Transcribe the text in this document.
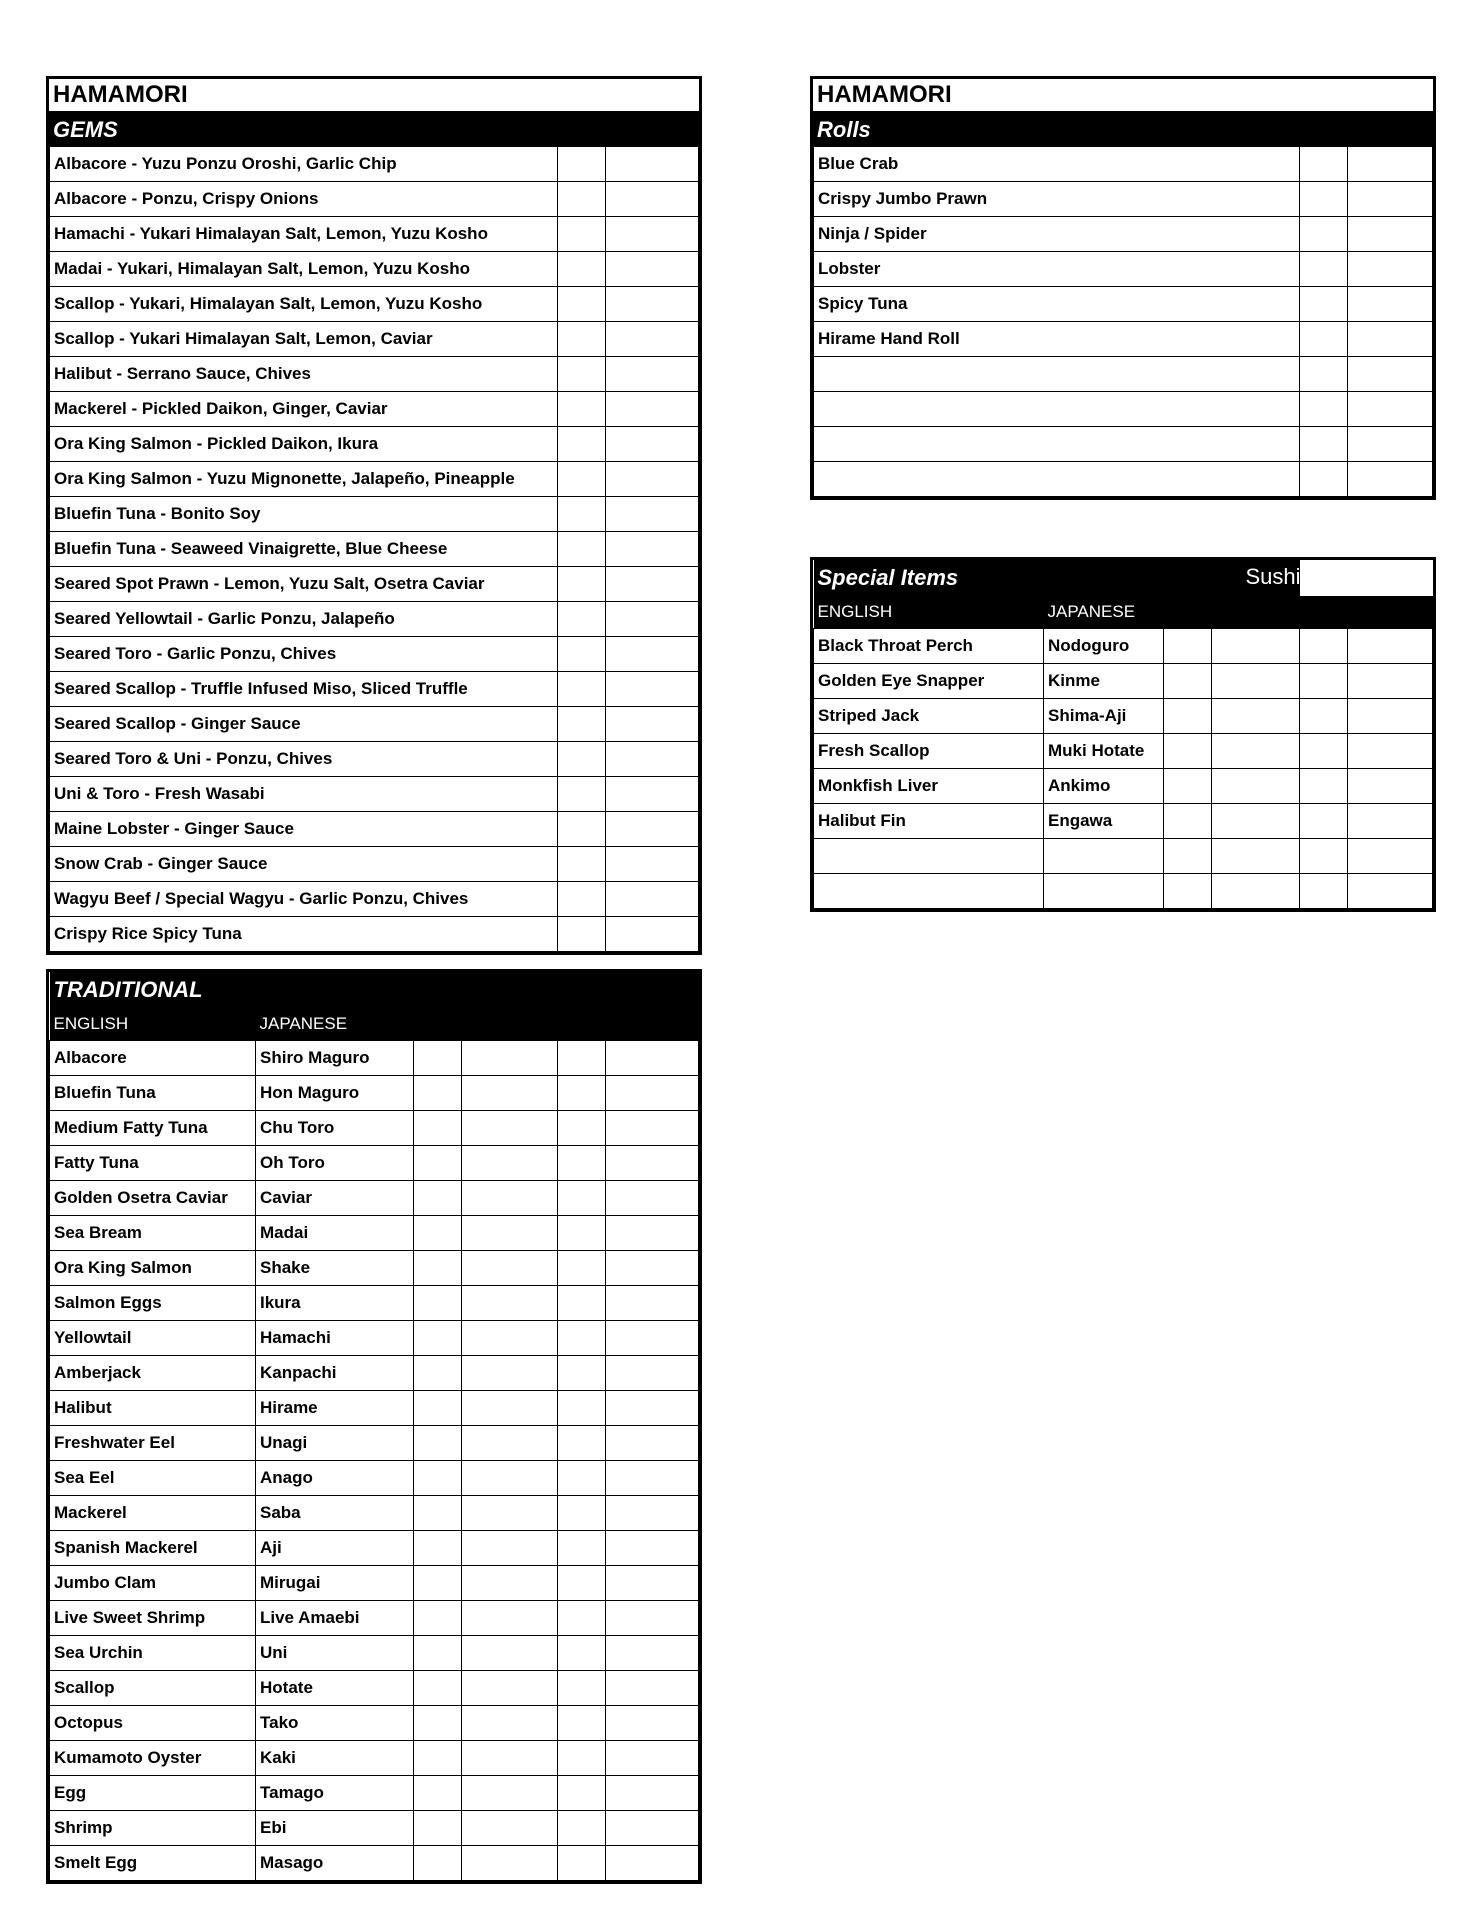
HAMAMORI
GEMS
Albacore - Yuzu Ponzu Oroshi, Garlic Chip		
Albacore - Ponzu, Crispy Onions		
Hamachi - Yukari Himalayan Salt, Lemon, Yuzu Kosho		
Madai - Yukari, Himalayan Salt, Lemon, Yuzu Kosho		
Scallop - Yukari, Himalayan Salt, Lemon, Yuzu Kosho		
Scallop - Yukari Himalayan Salt, Lemon, Caviar		
Halibut - Serrano Sauce, Chives		
Mackerel - Pickled Daikon, Ginger, Caviar		
Ora King Salmon - Pickled Daikon, Ikura		
Ora King Salmon - Yuzu Mignonette, Jalapeño, Pineapple		
Bluefin Tuna - Bonito Soy		
Bluefin Tuna - Seaweed Vinaigrette, Blue Cheese		
Seared Spot Prawn - Lemon, Yuzu Salt, Osetra Caviar		
Seared Yellowtail - Garlic Ponzu, Jalapeño		
Seared Toro - Garlic Ponzu, Chives		
Seared Scallop - Truffle Infused Miso, Sliced Truffle		
Seared Scallop - Ginger Sauce		
Seared Toro & Uni - Ponzu, Chives		
Uni & Toro - Fresh Wasabi		
Maine Lobster - Ginger Sauce		
Snow Crab - Ginger Sauce		
Wagyu Beef / Special Wagyu - Garlic Ponzu, Chives		
Crispy Rice Spicy Tuna		
HAMAMORI
Rolls
Blue Crab		
Crispy Jumbo Prawn		
Ninja / Spider		
Lobster		
Spicy Tuna		
Hirame Hand Roll		

Special Items				
ENGLISH	JAPANESE				
Black Throat Perch	Nodoguro				
Golden Eye Snapper	Kinme				
Striped Jack	Shima-Aji				
Fresh Scallop	Muki Hotate				
Monkfish Liver	Ankimo				
Halibut Fin	Engawa				

Sushi	Sashimi
TRADITIONAL					
ENGLISH	JAPANESE				
Albacore	Shiro Maguro				
Bluefin Tuna	Hon Maguro				
Medium Fatty Tuna	Chu Toro				
Fatty Tuna	Oh Toro				
Golden Osetra Caviar	Caviar				
Sea Bream	Madai				
Ora King Salmon	Shake				
Salmon Eggs	Ikura				
Yellowtail	Hamachi				
Amberjack	Kanpachi				
Halibut	Hirame				
Freshwater Eel	Unagi				
Sea Eel	Anago				
Mackerel	Saba				
Spanish Mackerel	Aji				
Jumbo Clam	Mirugai				
Live Sweet Shrimp	Live Amaebi				
Sea Urchin	Uni				
Scallop	Hotate				
Octopus	Tako				
Kumamoto Oyster	Kaki				
Egg	Tamago				
Shrimp	Ebi				
Smelt Egg	Masago				
